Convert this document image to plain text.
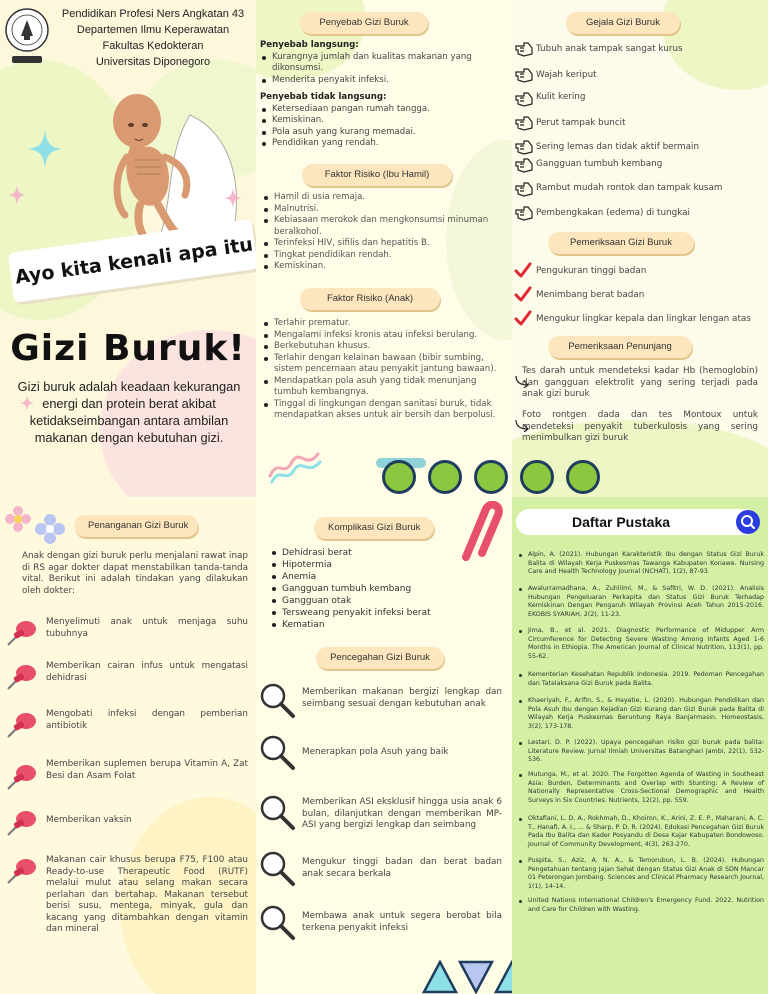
Pendidikan Profesi Ners Angkatan 43
Departemen Ilmu Keperawatan
Fakultas Kedokteran
Universitas Diponegoro
Ayo kita kenali apa itu
Gizi Buruk!
Gizi buruk adalah keadaan kekurangan energi dan protein berat akibat ketidakseimbangan antara ambilan makanan dengan kebutuhan gizi.
Penyebab Gizi Buruk
Penyebab langsung:
Kurangnya jumlah dan kualitas makanan yang dikonsumsi.
Menderita penyakit infeksi.
Penyebab tidak langsung:
Ketersediaan pangan rumah tangga.
Kemiskinan.
Pola asuh yang kurang memadai.
Pendidikan yang rendah.
Faktor Risiko (Ibu Hamil)
Hamil di usia remaja.
Malnutrisi.
Kebiasaan merokok dan mengkonsumsi minuman beralkohol.
Terinfeksi HIV, sifilis dan hepatitis B.
Tingkat pendidikan rendah.
Kemiskinan.
Faktor Risiko (Anak)
Terlahir prematur.
Mengalami infeksi kronis atau infeksi berulang.
Berkebutuhan khusus.
Terlahir dengan kelainan bawaan (bibir sumbing, sistem pencernaan atau penyakit jantung bawaan).
Mendapatkan pola asuh yang tidak menunjang tumbuh kembangnya.
Tinggal di lingkungan dengan sanitasi buruk, tidak mendapatkan akses untuk air bersih dan berpolusi.
Gejala Gizi Buruk
Tubuh anak tampak sangat kurus
Wajah keriput
Kulit kering
Perut tampak buncit
Sering lemas dan tidak aktif bermain
Gangguan tumbuh kembang
Rambut mudah rontok dan tampak kusam
Pembengkakan (edema) di tungkai
Pemeriksaan Gizi Buruk
Pengukuran tinggi badan
Menimbang berat badan
Mengukur lingkar kepala dan lingkar lengan atas
Pemeriksaan Penunjang
Tes darah untuk mendeteksi kadar Hb (hemoglobin) dan gangguan elektrolit yang sering terjadi pada anak gizi buruk
Foto rontgen dada dan tes Montoux untuk mendeteksi penyakit tuberkulosis yang sering menimbulkan gizi buruk
Penanganan Gizi Buruk
Anak dengan gizi buruk perlu menjalani rawat inap di RS agar dokter dapat menstabilkan tanda-tanda vital. Berikut ini adalah tindakan yang dilakukan oleh dokter:
Menyelimuti anak untuk menjaga suhu tubuhnya
Memberikan cairan infus untuk mengatasi dehidrasi
Mengobati infeksi dengan pemberian antibiotik
Memberikan suplemen berupa Vitamin A, Zat Besi dan Asam Folat
Memberikan vaksin
Makanan cair khusus berupa F75, F100 atau Ready-to-use Therapeutic Food (RUTF) melalui mulut atau selang makan secara perlahan dan bertahap. Makanan tersebut berisi susu, mentega, minyak, gula dan kacang yang ditambahkan dengan vitamin dan mineral
Komplikasi Gizi Buruk
Dehidrasi berat
Hipotermia
Anemia
Gangguan tumbuh kembang
Gangguan otak
Tersweang penyakit infeksi berat
Kematian
Pencegahan Gizi Buruk
Memberikan makanan bergizi lengkap dan seimbang sesuai dengan kebutuhan anak
Menerapkan pola Asuh yang baik
Memberikan ASI eksklusif hingga usia anak 6 bulan, dilanjutkan dengan memberikan MP-ASI yang bergizi lengkap dan seimbang
Mengukur tinggi badan dan berat badan anak secara berkala
Membawa anak untuk segera berobat bila terkena penyakit infeksi
Daftar Pustaka
Alpin, A. (2021). Hubungan Karakteristik Ibu dengan Status Gizi Buruk Balita di Wilayah Kerja Puskesmas Tawanga Kabupaten Konawe. Nursing Care and Health Technology Journal (NCHAT), 1(2), 87-93.
Awalurramadhana, A., Zuhlilmi, M., & Safitri, W. D. (2021). Analisis Hubungan Pengeluaran Perkapita dan Status Gizi Buruk Terhadap Kemiskinan Dengan Pengaruh Wilayah Provinsi Aceh Tahun 2015-2016. EKOBIS SYARIAH, 2(2), 11-23.
Jima, B., et al. 2021. Diagnostic Performance of Midupper Arm Circumference for Detecting Severe Wasting Among Infants Aged 1-6 Months in Ethiopia. The American Journal of Clinical Nutrition, 113(1), pp. 55-62.
Kementerian Kesehatan Republik Indonesia. 2019. Pedoman Pencegahan dan Tatalaksana Gizi Buruk pada Balita.
Khaeriyah, F., Arifin, S., & Hayatie, L. (2020). Hubungan Pendidikan dan Pola Asuh Ibu dengan Kejadian Gizi Kurang dan Gizi Buruk pada Balita di Wilayah Kerja Puskesmas Beruntung Raya Banjarmasin. Homeostasis, 3(2), 173-178.
Lestari, D. P. (2022). Upaya pencegahan risiko gizi buruk pada balita: Literature Review. Jurnal Ilmiah Universitas Batanghari Jambi, 22(1), 532-536.
Mutunga, M., et al. 2020. The Forgotten Agenda of Wasting in Southeast Asia: Burden, Determinants and Overlap with Stunting: A Review of Nationally Representative Cross-Sectional Demographic and Health Surveys in Six Countries. Nutrients, 12(2), pp. 559.
Oktafiani, L. D. A., Rokhmah, D., Khoiron, K., Arini, Z. E. P., Maharani, A. C. T., Hanafi, A. I., ... & Sharp, P. D. R. (2024). Edukasi Pencegahan Gizi Buruk Pada Ibu Balita dan Kader Posyandu di Desa Kajar Kabupaten Bondowoso. Journal of Community Development, 4(3), 263-270.
Puspita, S., Aziz, A. N. A., & Temorubun, L. B. (2024). Hubungan Pengetahuan tentang Jajan Sehat dengan Status Gizi Anak di SDN Mancar 01 Peterongan Jombang. Sciences and Clinical Pharmacy Research Journal, 1(1), 14-14.
United Nations International Children's Emergency Fund. 2022. Nutrition and Care for Children with Wasting.
